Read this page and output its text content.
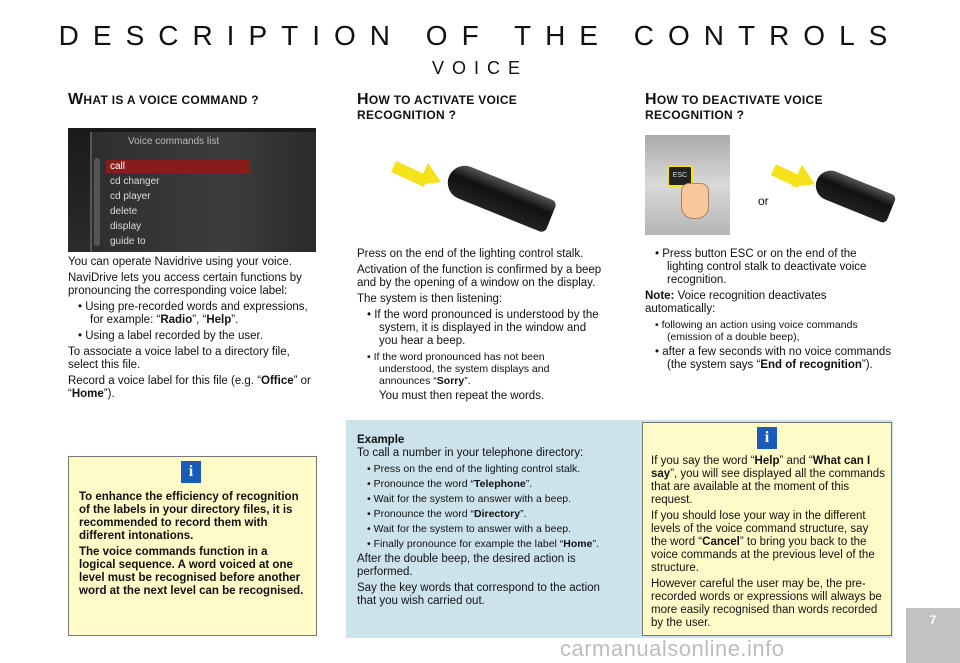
DESCRIPTION OF THE CONTROLS
VOICE
WHAT IS A VOICE COMMAND ?
Voice commands list
call
cd changer
cd player
delete
display
guide to

You can operate Navidrive using your voice.

NaviDrive lets you access certain functions by pronouncing the corresponding voice label:

• Using pre-recorded words and expressions, for example: “Radio”, “Help”.

• Using a label recorded by the user.

To associate a voice label to a directory file, select this file.

Record a voice label for this file (e.g. “Office” or “Home”).

i

To enhance the efficiency of recognition of the labels in your directory files, it is recommended to record them with different intonations.

The voice commands function in a logical sequence. A word voiced at one level must be recognised before another word at the next level can be recognised.

HOW TO ACTIVATE VOICE RECOGNITION ?

Press on the end of the lighting control stalk.

Activation of the function is confirmed by a beep and by the opening of a window on the display.

The system is then listening:

• If the word pronounced is understood by the system, it is displayed in the window and you hear a beep.

• If the word pronounced has not been understood, the system displays and announces “Sorry”.

You must then repeat the words.

Example

To call a number in your telephone directory:

• Press on the end of the lighting control stalk.

• Pronounce the word “Telephone”.

• Wait for the system to answer with a beep.

• Pronounce the word “Directory”.

• Wait for the system to answer with a beep.

• Finally pronounce for example the label “Home”.

After the double beep, the desired action is performed.

Say the key words that correspond to the action that you wish carried out.

HOW TO DEACTIVATE VOICE RECOGNITION ?
ESC
or

• Press button ESC or on the end of the lighting control stalk to deactivate voice recognition.

Note: Voice recognition deactivates automatically:

• following an action using voice commands (emission of a double beep),

• after a few seconds with no voice commands (the system says “End of recognition”).

i

If you say the word “Help” and “What can I say”, you will see displayed all the commands that are available at the moment of this request.

If you should lose your way in the different levels of the voice command structure, say the word “Cancel” to bring you back to the voice commands at the previous level of the structure.

However careful the user may be, the pre-recorded words or expressions will always be more easily recognised than words recorded by the user.	7
carmanualsonline.info
